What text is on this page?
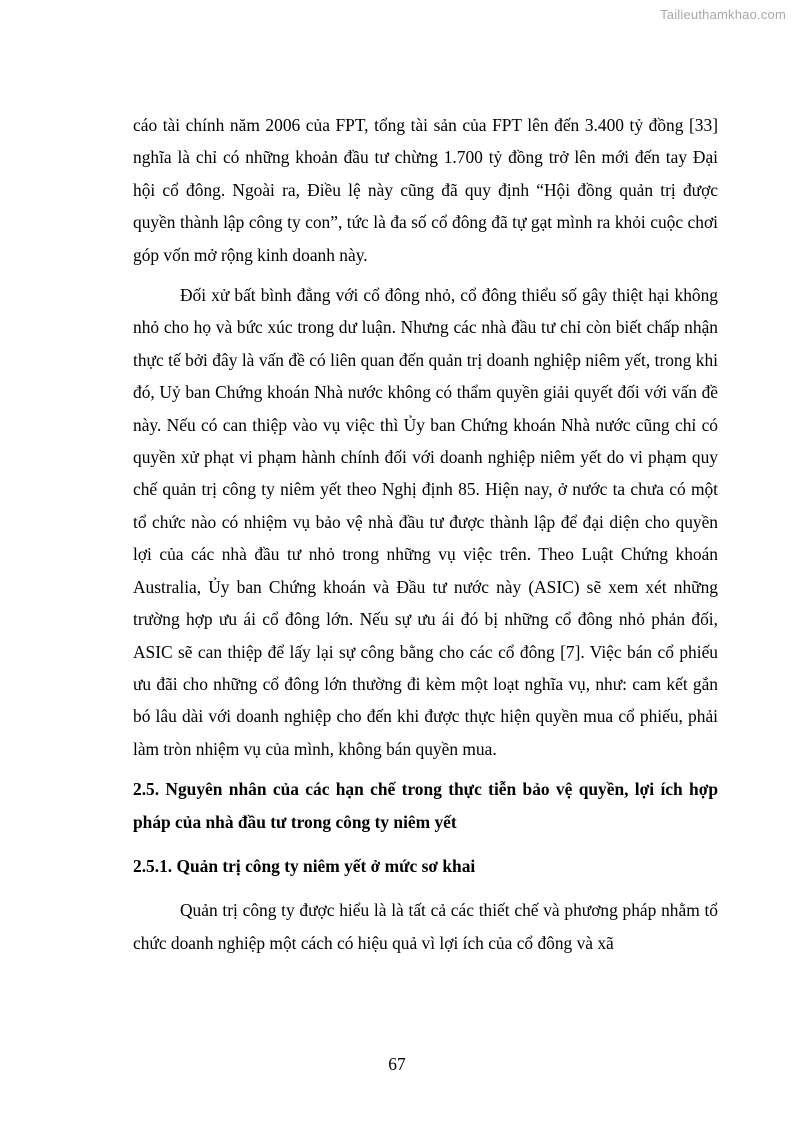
Tailieuthamkhao.com

cáo tài chính năm 2006 của FPT, tổng tài sản của FPT lên đến 3.400 tỷ đồng [33] nghĩa là chỉ có những khoản đầu tư chừng 1.700 tỷ đồng trở lên mới đến tay Đại hội cổ đông. Ngoài ra, Điều lệ này cũng đã quy định “Hội đồng quản trị được quyền thành lập công ty con”, tức là đa số cổ đông đã tự gạt mình ra khỏi cuộc chơi góp vốn mở rộng kinh doanh này.

Đối xử bất bình đẳng với cổ đông nhỏ, cổ đông thiểu số gây thiệt hại không nhỏ cho họ và bức xúc trong dư luận. Nhưng các nhà đầu tư chỉ còn biết chấp nhận thực tế bởi đây là vấn đề có liên quan đến quản trị doanh nghiệp niêm yết, trong khi đó, Uỷ ban Chứng khoán Nhà nước không có thẩm quyền giải quyết đối với vấn đề này. Nếu có can thiệp vào vụ việc thì Ủy ban Chứng khoán Nhà nước cũng chỉ có quyền xử phạt vi phạm hành chính đối với doanh nghiệp niêm yết do vi phạm quy chế quản trị công ty niêm yết theo Nghị định 85. Hiện nay, ở nước ta chưa có một tổ chức nào có nhiệm vụ bảo vệ nhà đầu tư được thành lập để đại diện cho quyền lợi của các nhà đầu tư nhỏ trong những vụ việc trên. Theo Luật Chứng khoán Australia, Ủy ban Chứng khoán và Đầu tư nước này (ASIC) sẽ xem xét những trường hợp ưu ái cổ đông lớn. Nếu sự ưu ái đó bị những cổ đông nhỏ phản đối, ASIC sẽ can thiệp để lấy lại sự công bằng cho các cổ đông [7]. Việc bán cổ phiếu ưu đãi cho những cổ đông lớn thường đi kèm một loạt nghĩa vụ, như: cam kết gắn bó lâu dài với doanh nghiệp cho đến khi được thực hiện quyền mua cổ phiếu, phải làm tròn nhiệm vụ của mình, không bán quyền mua.

2.5. Nguyên nhân của các hạn chế trong thực tiễn bảo vệ quyền, lợi ích hợp pháp của nhà đầu tư trong công ty niêm yết

2.5.1. Quản trị công ty niêm yết ở mức sơ khai

Quản trị công ty được hiểu là là tất cả các thiết chế và phương pháp nhằm tổ chức doanh nghiệp một cách có hiệu quả vì lợi ích của cổ đông và xã

67
